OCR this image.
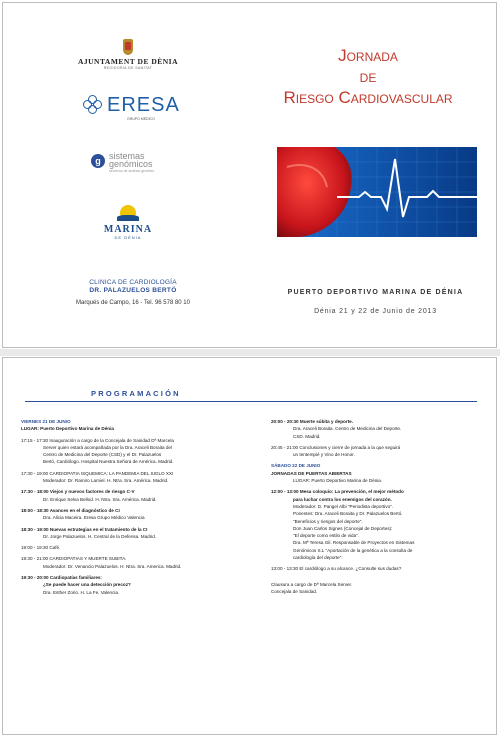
AJUNTAMENT DE DÈNIA
REGIDORIA DE SANITAT
ERESA
GRUPO MÉDICO
g sistemas
genómicos
servicios de análisis genético
MARINA
DE DÉNIA
CLINICA DE CARDIOLOGÍA
DR. PALAZUELOS BERTÓ
Marqués de Campo, 16 - Tel. 96 578 80 10
Jornada
de
Riesgo Cardiovascular
PUERTO DEPORTIVO MARINA DE DÉNIA
Dénia 21 y 22 de Junio de 2013
PROGRAMACIÓN
VIERNES 21 DE JUNIO
LUGAR: Puerto Deportivo Marina de Dénia
17:15 - 17:30 Inauguración a cargo de la Concejala de Sanidad Dª Marcela
Server quien estará acompañada por la Dra. Araceli Boraita del
Centro de Medicina del Deporte (CSD) y el Dr. Palazuelos
Bertó, Cardiólogo. Hospital Nuestra Señora de América. Madrid.
17:30 - 19:00 CARDIOPATIA ISQUEMICA: LA PANDEMIA DEL SIGLO XXI
Moderador: Dr. Ramiro Lamiel. H. Ntra. Sra. América. Madrid.
17:30 - 18:00 Viejos y nuevos factores de riesgo C-V
Dr. Enrique Selva Bellod. H. Ntra. Sra. América. Madrid.
18:00 - 18:30 Avances en el diagnóstico de CI
Dra. Alicia Maceira. Eresa Grupo Médico Valencia
18:30 - 19:00 Nuevas estrategias en el tratamiento de la CI
Dr. Jorge Palazuelos. H. Central de la Defensa. Madrid.
19:00 - 19:30 Café.
19:30 - 21:00 CARDIOPATIAS Y MUERTE SUBITA.
Moderador: Dr. Venancio Palazuelos. H. Ntra. Sra. America. Madrid.
19:30 - 20:00 Cardiopatías familiares:
¿Se puede hacer una detección precoz?
Dra. Esther Zorio. H. La Fe. Valencia.
20:00 - 20:30 Muerte súbita y deporte.
Dra. Araceli Boraita. Centro de Medicina del Deporte.
CSD. Madrid.
20:45 - 21:00 Conclusiones y cierre de jornada a la que seguirá
un tentempié y Vino de Honor.
SÁBADO 22 DE JUNIO
JORNADAS DE PUERTAS ABIERTAS
LUGAR: Puerto Deportivo Marina de Dénia.
12:00 - 13:00 Mesa coloquio: La prevención, el mejor método
para luchar contra los enemigos del corazón.
Moderador: D. Pangel Albi "Periodista deportivo".
Ponentes: Dra. Araceli Boraita y Dr. Palazuelos Bertó.
"Beneficios y riesgos del deporte".
Don Juan Carlos Signes (Concejal de Deportes):
"El deporte como estilo de vida".
Dra. Mª Teresa Gil. Responsable de Proyectos en Sistemas
Genómicos S.L "Aportación de la genética a la consulta de
cardiología del deporte".
13:00 - 13:30 El cardiólogo a su alcance. ¿Consulte sus dudas?
Clausura a cargo de Dª Marcela Server.
Concejala de Sanidad.
